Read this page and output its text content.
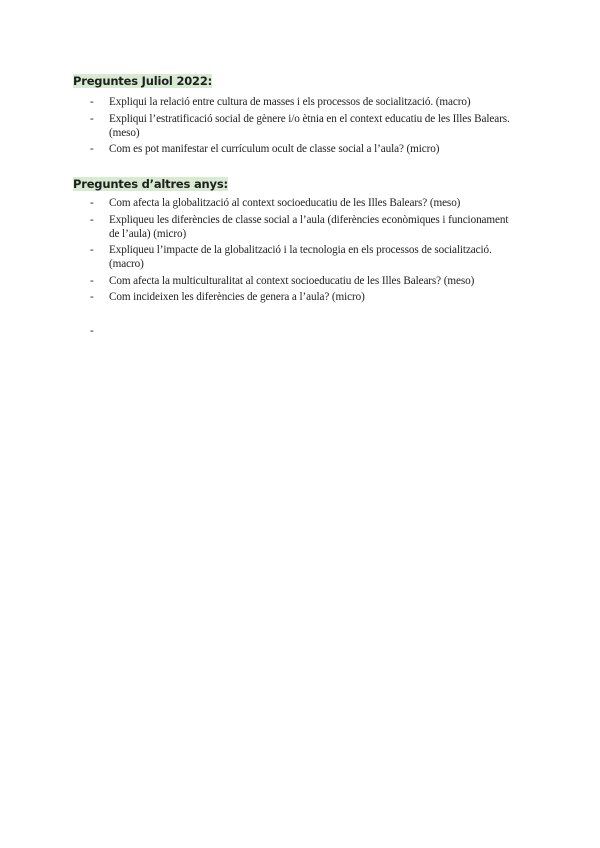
Preguntes Juliol 2022:
- Expliqui la relació entre cultura de masses i els processos de socialització. (macro)
- Expliqui l’estratificació social de gènere i/o ètnia en el context educatiu de les Illes Balears. (meso)
- Com es pot manifestar el currículum ocult de classe social a l’aula? (micro)
Preguntes d’altres anys:
- Com afecta la globalització al context socioeducatiu de les Illes Balears? (meso)
- Expliqueu les diferències de classe social a l’aula (diferències econòmiques i funcionament de l’aula) (micro)
- Expliqueu l’impacte de la globalització i la tecnologia en els processos de socialització. (macro)
- Com afecta la multiculturalitat al context socioeducatiu de les Illes Balears? (meso)
- Com incideixen les diferències de genera a l’aula? (micro)
-
